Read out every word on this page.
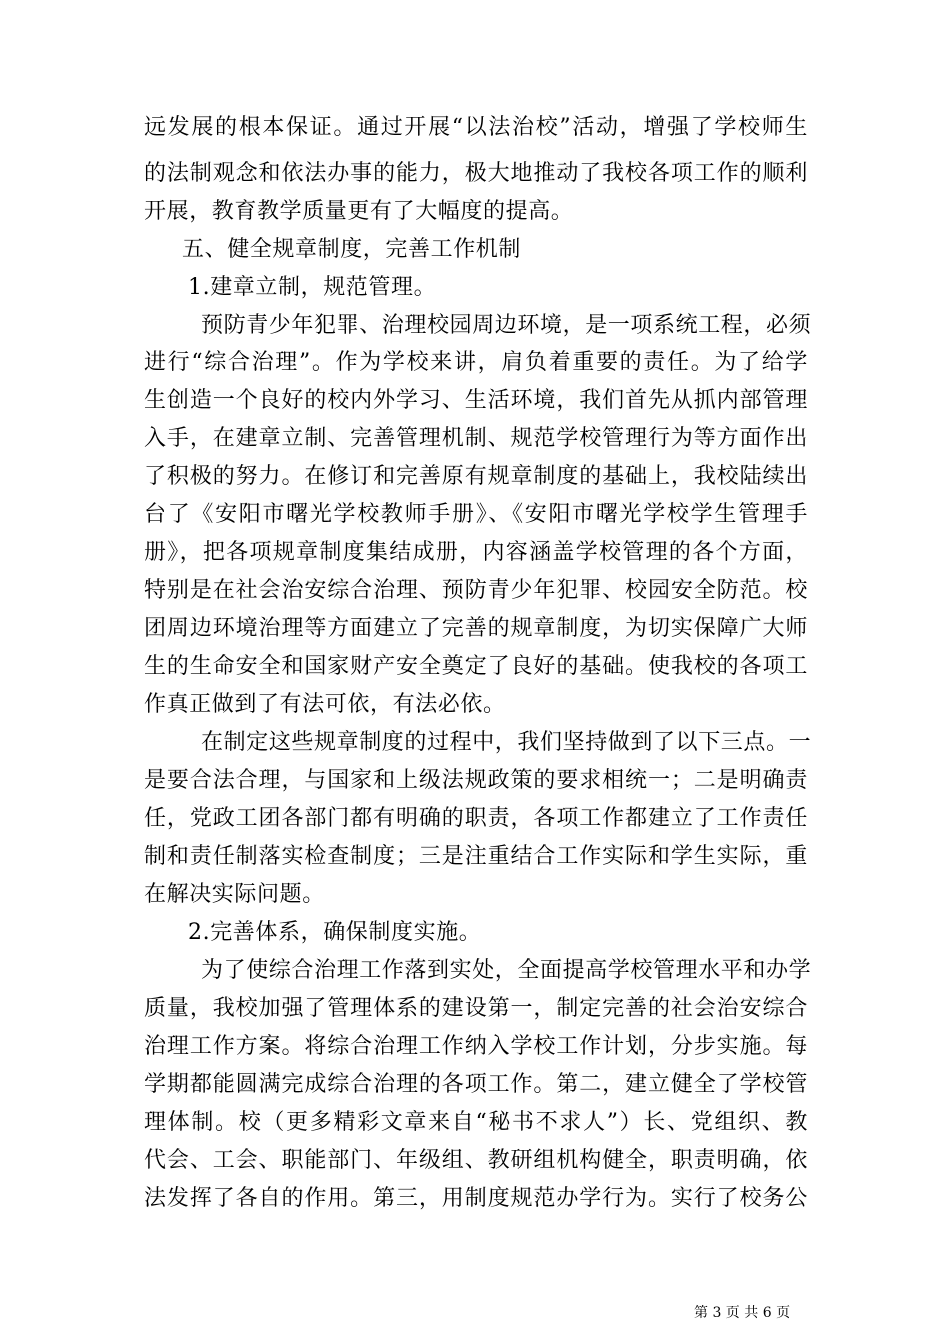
远发展的根本保证。通过开展“以法治校”活动，增强了学校师生
的法制观念和依法办事的能力，极大地推动了我校各项工作的顺利
开展，教育教学质量更有了大幅度的提高。
五、健全规章制度，完善工作机制
1.建章立制，规范管理。
预防青少年犯罪、治理校园周边环境，是一项系统工程，必须
进行“综合治理”。作为学校来讲，肩负着重要的责任。为了给学
生创造一个良好的校内外学习、生活环境，我们首先从抓内部管理
入手，在建章立制、完善管理机制、规范学校管理行为等方面作出
了积极的努力。在修订和完善原有规章制度的基础上，我校陆续出
台了《安阳市曙光学校教师手册》、《安阳市曙光学校学生管理手
册》，把各项规章制度集结成册，内容涵盖学校管理的各个方面，
特别是在社会治安综合治理、预防青少年犯罪、校园安全防范。校
团周边环境治理等方面建立了完善的规章制度，为切实保障广大师
生的生命安全和国家财产安全奠定了良好的基础。使我校的各项工
作真正做到了有法可依，有法必依。
在制定这些规章制度的过程中，我们坚持做到了以下三点。一
是要合法合理，与国家和上级法规政策的要求相统一；二是明确责
任，党政工团各部门都有明确的职责，各项工作都建立了工作责任
制和责任制落实检查制度；三是注重结合工作实际和学生实际，重
在解决实际问题。
2.完善体系，确保制度实施。
为了使综合治理工作落到实处，全面提高学校管理水平和办学
质量，我校加强了管理体系的建设第一，制定完善的社会治安综合
治理工作方案。将综合治理工作纳入学校工作计划，分步实施。每
学期都能圆满完成综合治理的各项工作。第二，建立健全了学校管
理体制。校（更多精彩文章来自“秘书不求人”）长、党组织、教
代会、工会、职能部门、年级组、教研组机构健全，职责明确，依
法发挥了各自的作用。第三，用制度规范办学行为。实行了校务公
第 3 页 共 6 页
